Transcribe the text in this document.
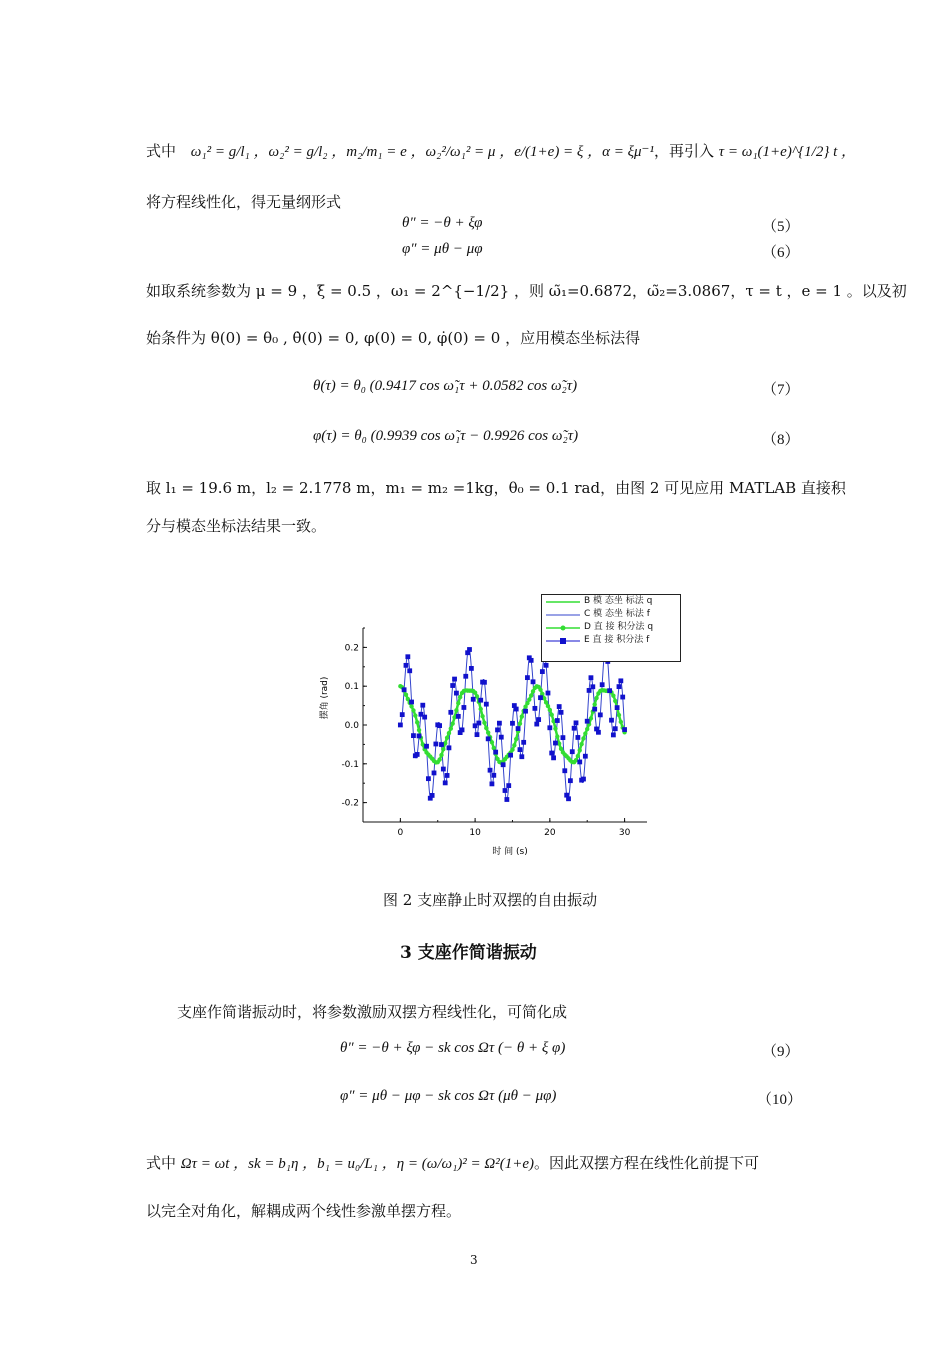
式中 ω₁² = g/l₁ ，ω₂² = g/l₂ ，m₂/m₁ = e ，ω₂²/ω₁² = μ ，e/(1+e) = ξ ，α = ξμ⁻¹，再引入 τ = ω₁(1+e)^{1/2} t ，
将方程线性化，得无量纲形式
θ″ = −θ + ξφ	（5）
φ″ = μθ − μφ	（6）
如取系统参数为 μ = 9 ，ξ = 0.5 ，ω₁ = 2^{−1/2} ，则 ω̃₁=0.6872，ω̃₂=3.0867，τ = t ，e = 1 。以及初
始条件为 θ(0) = θ₀ , θ̇(0) = 0, φ(0) = 0, φ̇(0) = 0 ，应用模态坐标法得
θ(τ) = θ₀ (0.9417 cos ω̃₁τ + 0.0582 cos ω̃₂τ)	（7）
φ(τ) = θ₀ (0.9939 cos ω̃₁τ − 0.9926 cos ω̃₂τ)	（8）
取 l₁ = 19.6 m，l₂ = 2.1778 m，m₁ = m₂ =1kg，θ₀ = 0.1 rad，由图 2 可见应用 MATLAB 直接积
分与模态坐标法结果一致。
0.2
0.1
0.0
-0.1
-0.2
0	10	20	30
摆角 (rad)
时 间 (s)
B 模 态坐 标法 q
C 模 态坐 标法 f
D 直 接 积分法 q
E 直 接 积分法 f
图 2 支座静止时双摆的自由振动
3 支座作简谐振动
支座作简谐振动时，将参数激励双摆方程线性化，可简化成
θ″ = −θ + ξφ − sk cos Ωτ (− θ + ξ φ)	（9）
φ″ = μθ − μφ − sk cos Ωτ (μθ − μφ)	（10）
式中 Ωτ = ωt ，sk = b₁η ，b₁ = u₀/L₁ ，η = (ω/ω₁)² = Ω²(1+e)。因此双摆方程在线性化前提下可
以完全对角化，解耦成两个线性参激单摆方程。
3
